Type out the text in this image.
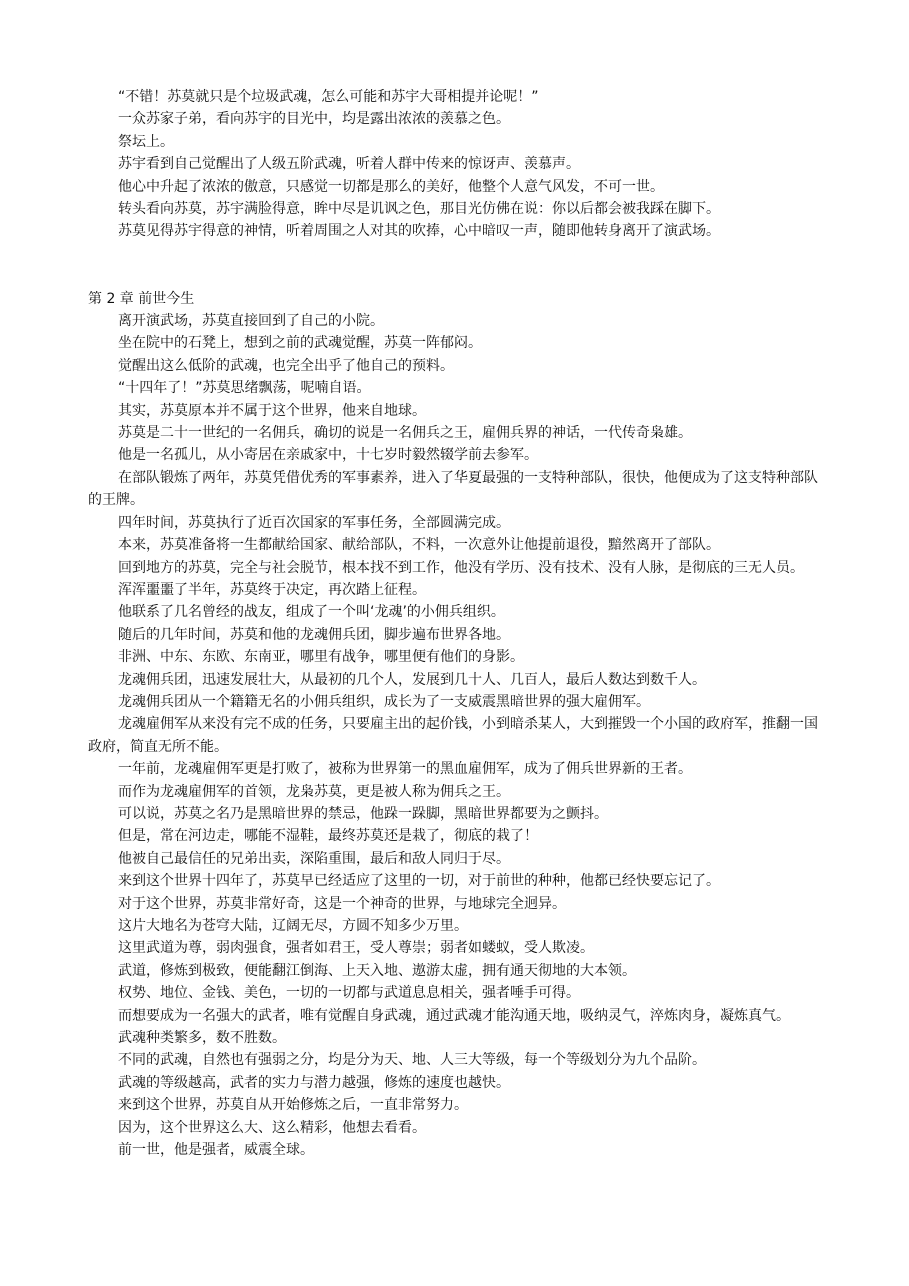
“不错！苏莫就只是个垃圾武魂，怎么可能和苏宇大哥相提并论呢！”

一众苏家子弟，看向苏宇的目光中，均是露出浓浓的羡慕之色。

祭坛上。

苏宇看到自己觉醒出了人级五阶武魂，听着人群中传来的惊讶声、羡慕声。

他心中升起了浓浓的傲意，只感觉一切都是那么的美好，他整个人意气风发，不可一世。

转头看向苏莫，苏宇满脸得意，眸中尽是讥讽之色，那目光仿佛在说：你以后都会被我踩在脚下。

苏莫见得苏宇得意的神情，听着周围之人对其的吹捧，心中暗叹一声，随即他转身离开了演武场。

第 2 章 前世今生

离开演武场，苏莫直接回到了自己的小院。

坐在院中的石凳上，想到之前的武魂觉醒，苏莫一阵郁闷。

觉醒出这么低阶的武魂，也完全出乎了他自己的预料。

“十四年了！”苏莫思绪飘荡，呢喃自语。

其实，苏莫原本并不属于这个世界，他来自地球。

苏莫是二十一世纪的一名佣兵，确切的说是一名佣兵之王，雇佣兵界的神话，一代传奇枭雄。

他是一名孤儿，从小寄居在亲戚家中，十七岁时毅然辍学前去参军。

在部队锻炼了两年，苏莫凭借优秀的军事素养，进入了华夏最强的一支特种部队，很快，他便成为了这支特种部队的王牌。

四年时间，苏莫执行了近百次国家的军事任务，全部圆满完成。

本来，苏莫准备将一生都献给国家、献给部队，不料，一次意外让他提前退役，黯然离开了部队。

回到地方的苏莫，完全与社会脱节，根本找不到工作，他没有学历、没有技术、没有人脉，是彻底的三无人员。

浑浑噩噩了半年，苏莫终于决定，再次踏上征程。

他联系了几名曾经的战友，组成了一个叫‘龙魂’的小佣兵组织。

随后的几年时间，苏莫和他的龙魂佣兵团，脚步遍布世界各地。

非洲、中东、东欧、东南亚，哪里有战争，哪里便有他们的身影。

龙魂佣兵团，迅速发展壮大，从最初的几个人，发展到几十人、几百人，最后人数达到数千人。

龙魂佣兵团从一个籍籍无名的小佣兵组织，成长为了一支威震黑暗世界的强大雇佣军。

龙魂雇佣军从来没有完不成的任务，只要雇主出的起价钱，小到暗杀某人，大到摧毁一个小国的政府军，推翻一国政府，简直无所不能。

一年前，龙魂雇佣军更是打败了，被称为世界第一的黑血雇佣军，成为了佣兵世界新的王者。

而作为龙魂雇佣军的首领，龙枭苏莫，更是被人称为佣兵之王。

可以说，苏莫之名乃是黑暗世界的禁忌，他跺一跺脚，黑暗世界都要为之颤抖。

但是，常在河边走，哪能不湿鞋，最终苏莫还是栽了，彻底的栽了！

他被自己最信任的兄弟出卖，深陷重围，最后和敌人同归于尽。

来到这个世界十四年了，苏莫早已经适应了这里的一切，对于前世的种种，他都已经快要忘记了。

对于这个世界，苏莫非常好奇，这是一个神奇的世界，与地球完全迥异。

这片大地名为苍穹大陆，辽阔无尽，方圆不知多少万里。

这里武道为尊，弱肉强食，强者如君王，受人尊崇；弱者如蝼蚁，受人欺凌。

武道，修炼到极致，便能翻江倒海、上天入地、遨游太虚，拥有通天彻地的大本领。

权势、地位、金钱、美色，一切的一切都与武道息息相关，强者唾手可得。

而想要成为一名强大的武者，唯有觉醒自身武魂，通过武魂才能沟通天地，吸纳灵气，淬炼肉身，凝炼真气。

武魂种类繁多，数不胜数。

不同的武魂，自然也有强弱之分，均是分为天、地、人三大等级，每一个等级划分为九个品阶。

武魂的等级越高，武者的实力与潜力越强，修炼的速度也越快。

来到这个世界，苏莫自从开始修炼之后，一直非常努力。

因为，这个世界这么大、这么精彩，他想去看看。

前一世，他是强者，威震全球。
